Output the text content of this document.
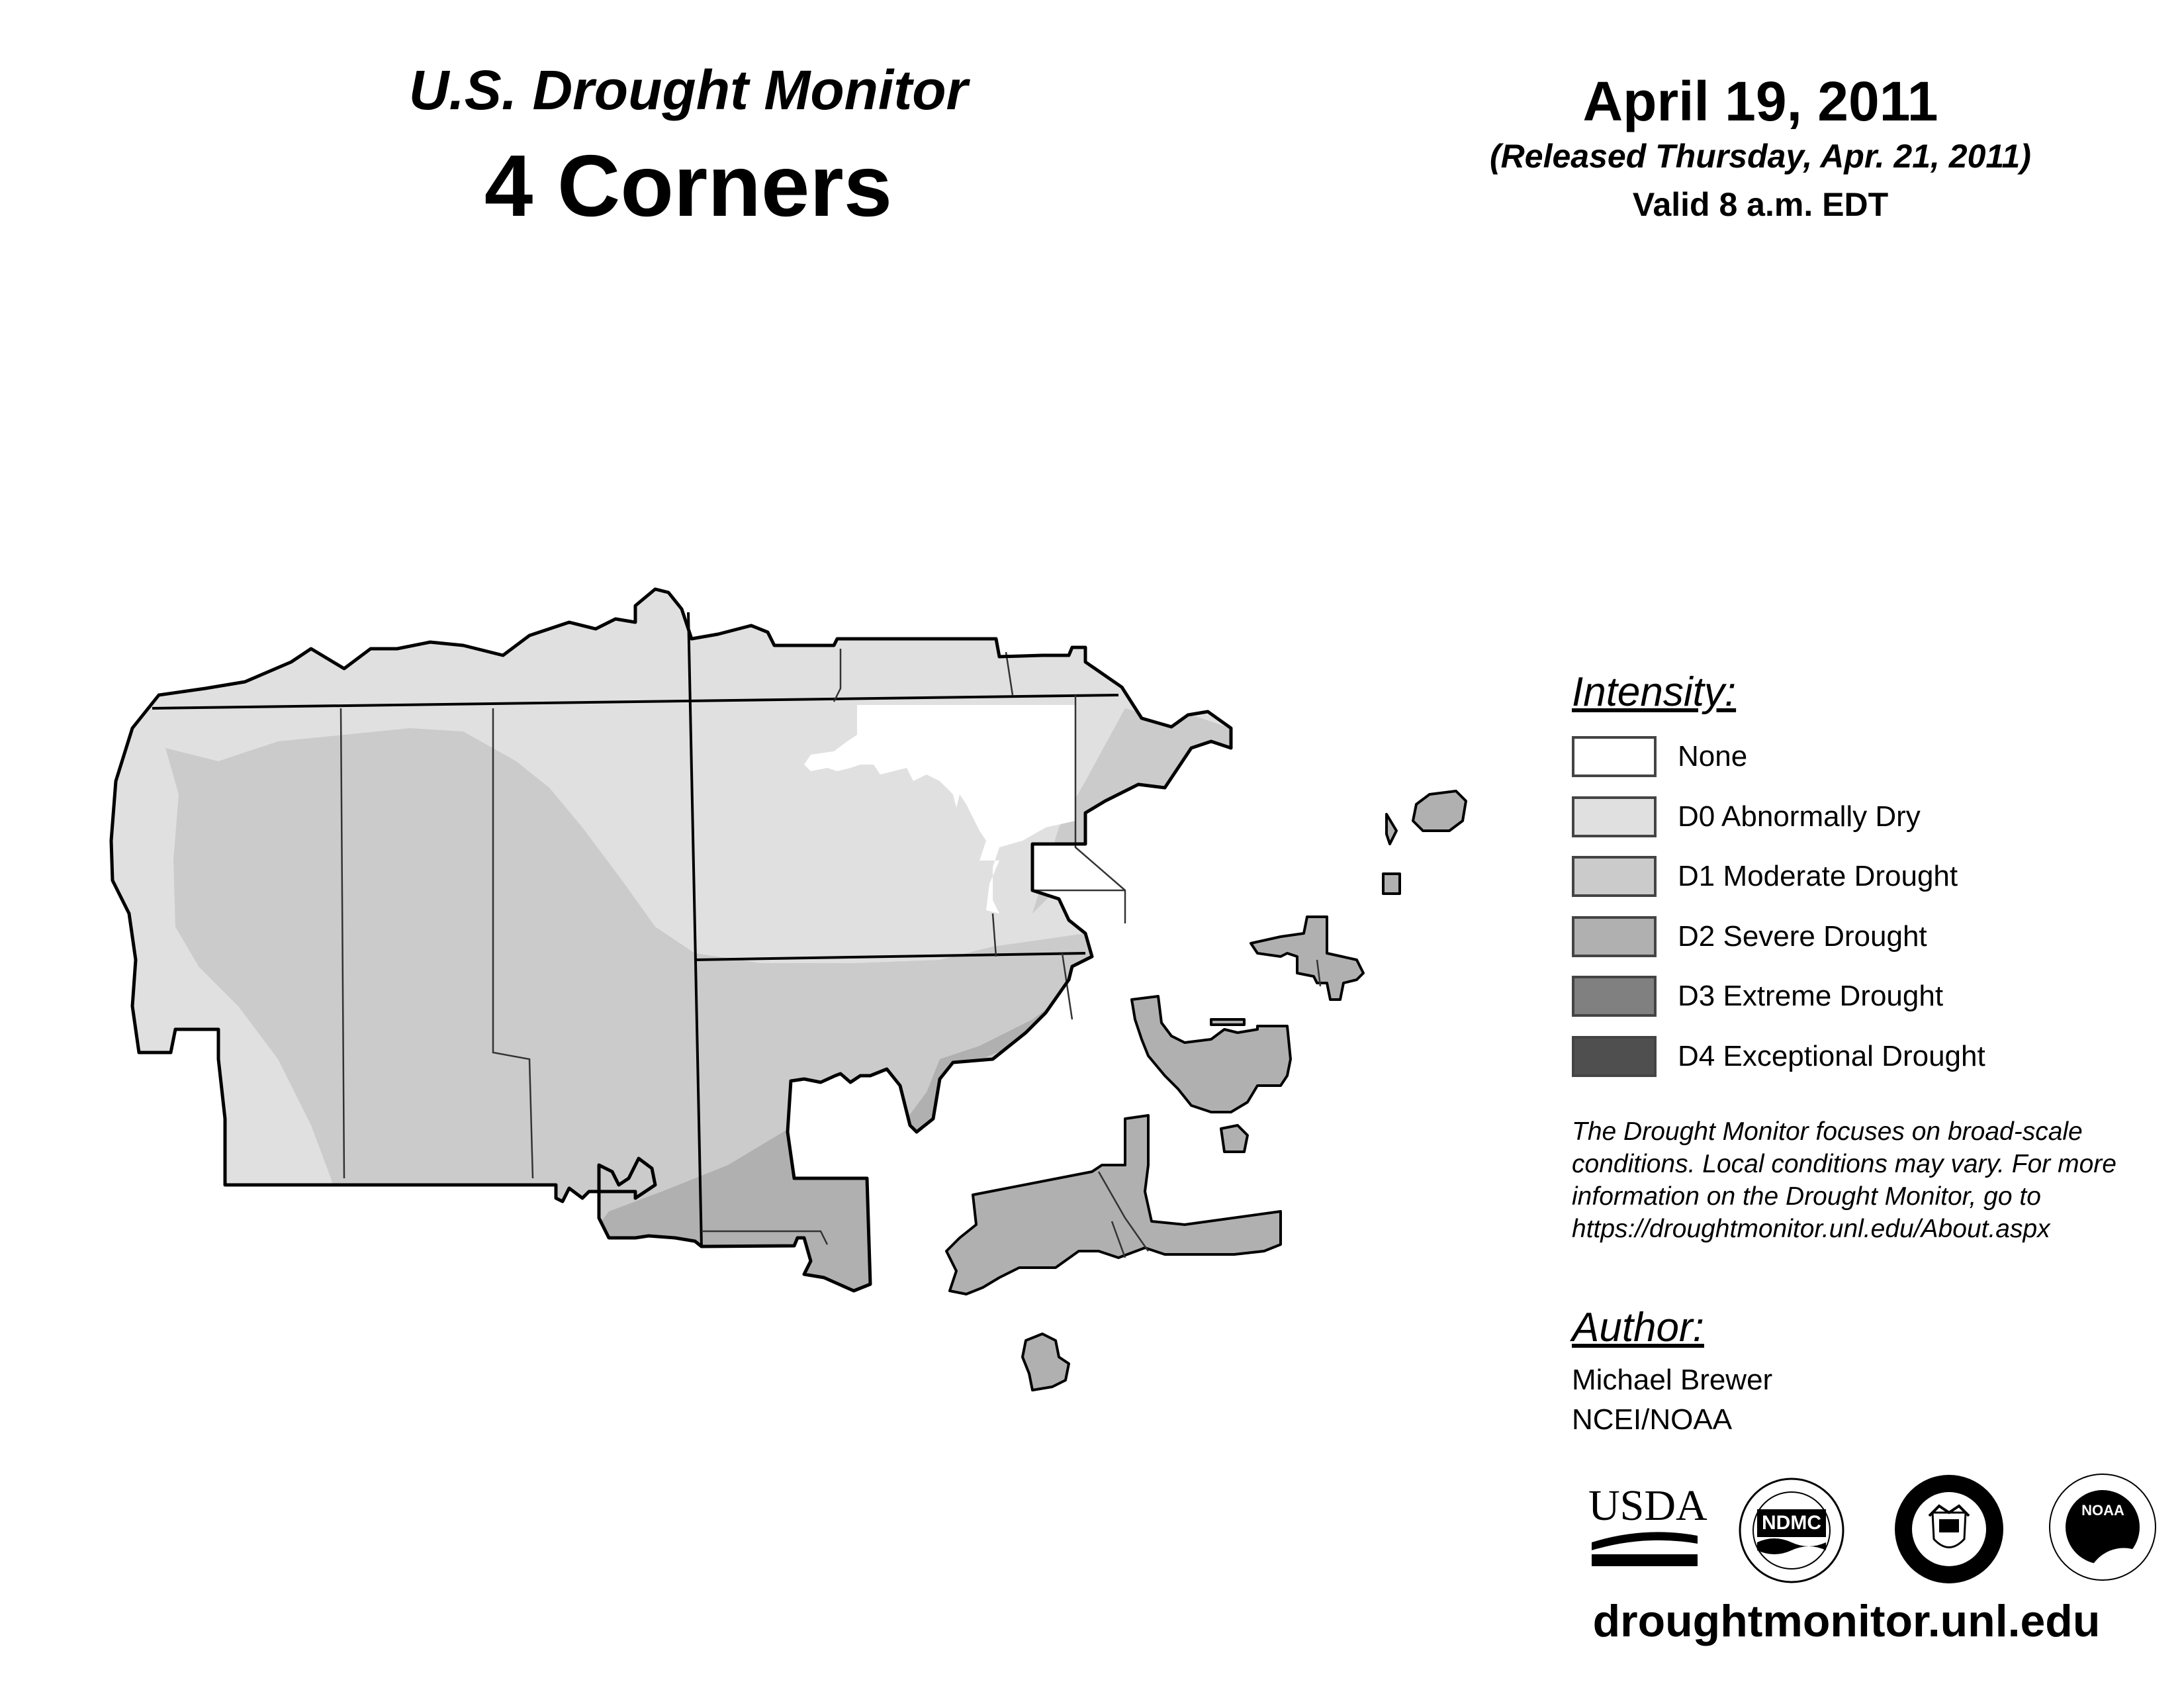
U.S. Drought Monitor
4 Corners
April 19, 2011
(Released Thursday, Apr. 21, 2011)
Valid 8 a.m. EDT
Intensity:
None
D0 Abnormally Dry
D1 Moderate Drought
D2 Severe Drought
D3 Extreme Drought
D4 Exceptional Drought
The Drought Monitor focuses on broad-scale conditions. Local conditions may vary. For more information on the Drought Monitor, go to https://droughtmonitor.unl.edu/About.aspx
Author:
Michael Brewer
NCEI/NOAA
USDA	NDMC
NOAA
droughtmonitor.unl.edu
